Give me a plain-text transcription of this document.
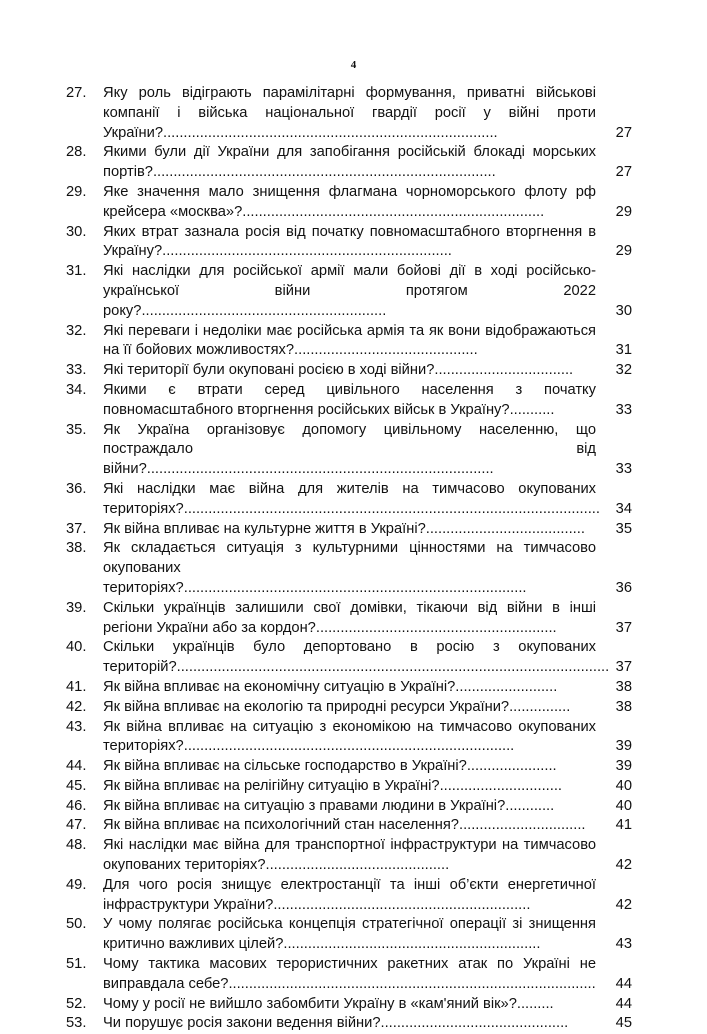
4
27.	Яку роль відіграють парамілітарні формування, приватні військові компанії і війська національної гвардії росії у війні проти України?..................................................................................	27
28.	Якими були дії України для запобігання російській блокаді морських портів?....................................................................................	27
29.	Яке значення мало знищення флагмана чорноморського флоту рф крейсера «москва»?..........................................................................	29
30.	Яких втрат зазнала росія від початку повномасштабного вторгнення в Україну?.......................................................................	29
31.	Які наслідки для російської армії мали бойові дії в ході російсько-української війни протягом 2022 року?............................................................	30
32.	Які переваги і недоліки має російська армія та як вони відображаються на її бойових можливостях?.............................................	31
33.	Які території були окуповані росією в ході війни?..................................	32
34.	Якими є втрати серед цивільного населення з початку повномасштабного вторгнення російських військ в Україну?...........	33
35.	Як Україна організовує допомогу цивільному населенню, що постраждало від війни?.....................................................................................	33
36.	Які наслідки має війна для жителів на тимчасово окупованих територіях?......................................................................................................	34
37.	Як війна впливає на культурне життя в Україні?.......................................	35
38.	Як складається ситуація з культурними цінностями на тимчасово окупованих територіях?....................................................................................	36
39.	Скільки українців залишили свої домівки, тікаючи від війни в інші регіони України або за кордон?...........................................................	37
40.	Скільки українців було депортовано в росію з окупованих територій?.......................................................................................................... 37
41.	Як війна впливає на економічну ситуацію в Україні?.........................	38
42.	Як війна впливає на екологію та природні ресурси України?...............	38
43.	Як війна впливає на ситуацію з економікою на тимчасово окупованих територіях?.................................................................................	39
44.	Як війна впливає на сільське господарство в Україні?......................	39
45.	Як війна впливає на релігійну ситуацію в Україні?..............................	40
46.	Як війна впливає на ситуацію з правами людини в Україні?............	40
47.	Як війна впливає на психологічний стан населення?...............................	41
48.	Які наслідки має війна для транспортної інфраструктури на тимчасово окупованих територіях?.............................................	42
49.	Для чого росія знищує електростанції та інші об’єкти енергетичної інфраструктури України?...............................................................	42
50.	У чому полягає російська концепція стратегічної операції зі знищення критично важливих цілей?...............................................................	43
51.	Чому тактика масових терористичних ракетних атак по Україні не виправдала себе?..........................................................................................	44
52.	Чому у росії не вийшло забомбити Україну в «кам'яний вік»?.........	44
53.	Чи порушує росія закони ведення війни?..............................................	45
